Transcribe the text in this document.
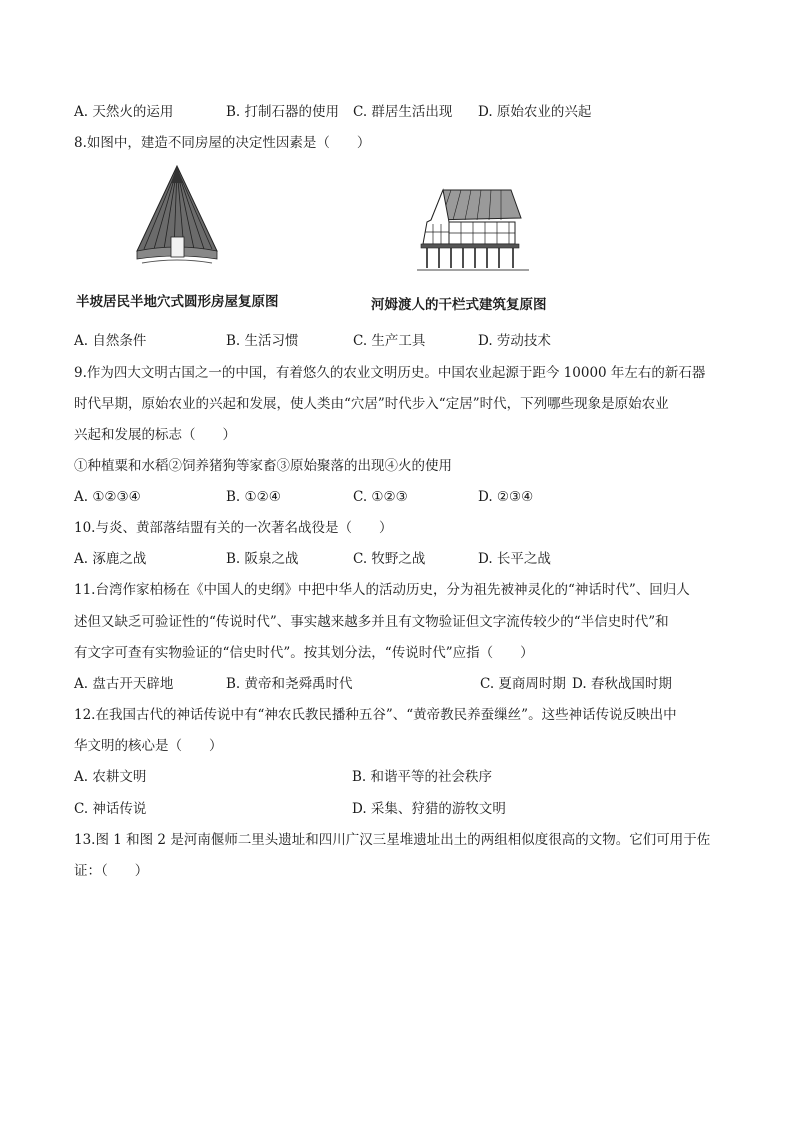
A. 天然火的运用	B. 打制石器的使用 C. 群居生活出现 D. 原始农业的兴起
8.如图中，建造不同房屋的决定性因素是（　　）
半坡居民半地穴式圆形房屋复原图	河姆渡人的干栏式建筑复原图
A. 自然条件	B. 生活习惯	C. 生产工具	D. 劳动技术
9.作为四大文明古国之一的中国，有着悠久的农业文明历史。中国农业起源于距今 10000 年左右的新石器
时代早期，原始农业的兴起和发展，使人类由“穴居”时代步入“定居”时代，下列哪些现象是原始农业
兴起和发展的标志（　　）
①种植粟和水稻②饲养猪狗等家畜③原始聚落的出现④火的使用
A. ①②③④	B. ①②④	C. ①②③	D. ②③④
10.与炎、黄部落结盟有关的一次著名战役是（　　）
A. 涿鹿之战	B. 阪泉之战	C. 牧野之战	D. 长平之战
11.台湾作家柏杨在《中国人的史纲》中把中华人的活动历史，分为祖先被神灵化的“神话时代”、回归人
述但又缺乏可验证性的“传说时代”、事实越来越多并且有文物验证但文字流传较少的“半信史时代”和
有文字可查有实物验证的“信史时代”。按其划分法，“传说时代”应指（　　）
A. 盘古开天辟地	B. 黄帝和尧舜禹时代	C. 夏商周时期 D. 春秋战国时期
12.在我国古代的神话传说中有“神农氏教民播种五谷”、“黄帝教民养蚕缫丝”。这些神话传说反映出中
华文明的核心是（　　）
A. 农耕文明	B. 和谐平等的社会秩序
C. 神话传说	D. 采集、狩猎的游牧文明
13.图 1 和图 2 是河南偃师二里头遗址和四川广汉三星堆遗址出土的两组相似度很高的文物。它们可用于佐
证：（　　）
